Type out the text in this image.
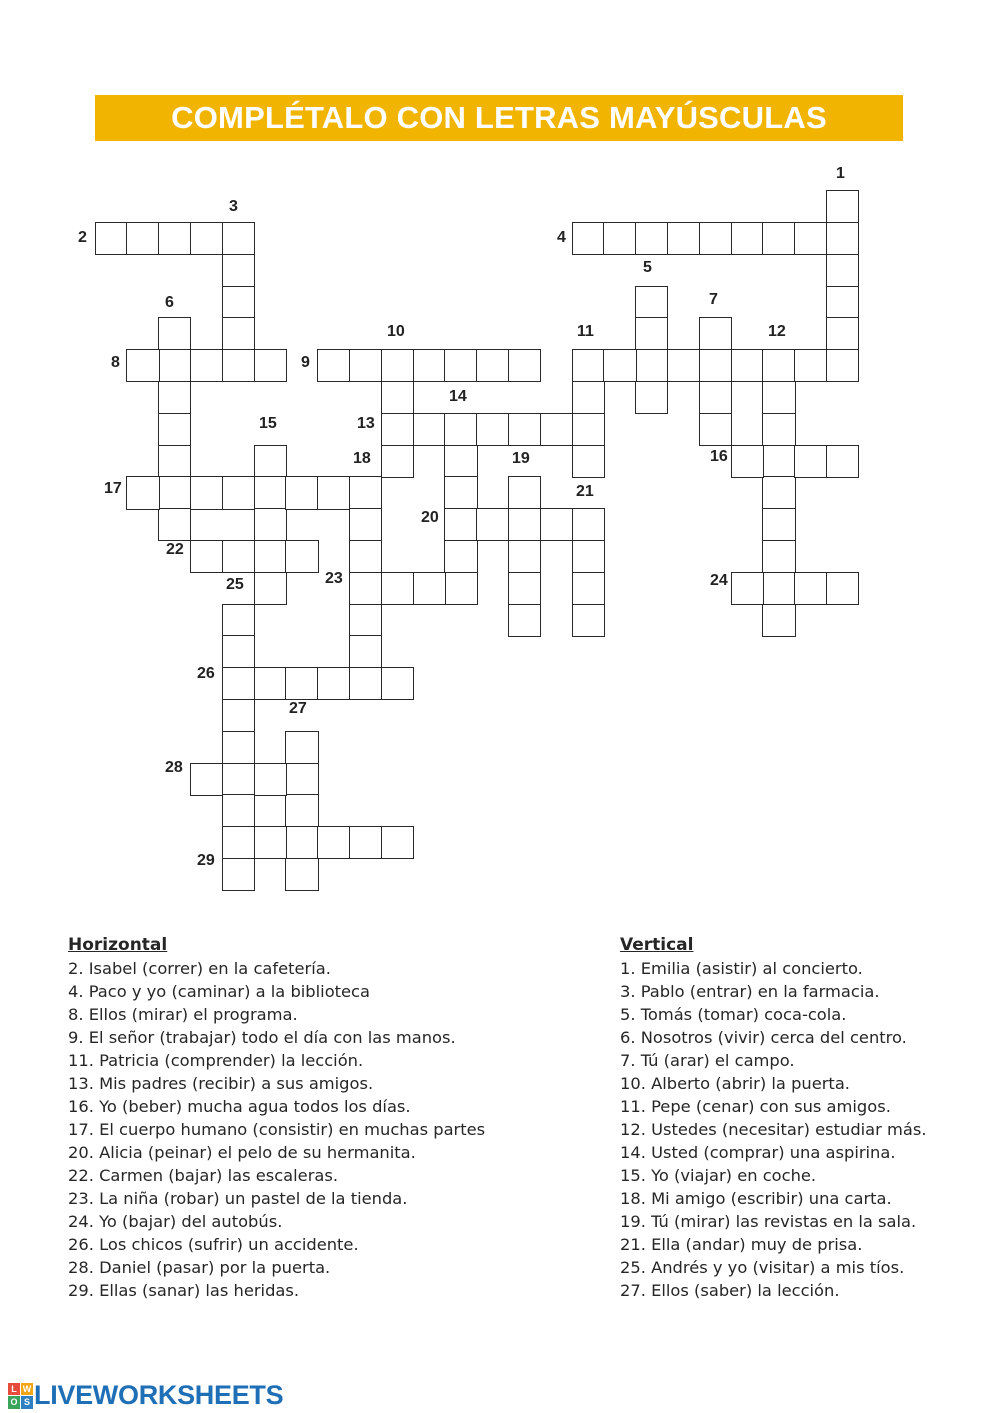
COMPLÉTALO CON LETRAS MAYÚSCULAS
1
2
3
4
5
6	7
8	9
10	11	12
13
14
15
16
17
18	19
20
21
22
23	24
25
26
27
28
29
Horizontal
2. Isabel (correr) en la cafetería.
4. Paco y yo (caminar) a la biblioteca
8. Ellos (mirar) el programa.
9. El señor (trabajar) todo el día con las manos.
11. Patricia (comprender) la lección.
13. Mis padres (recibir) a sus amigos.
16. Yo (beber) mucha agua todos los días.
17. El cuerpo humano (consistir) en muchas partes
20. Alicia (peinar) el pelo de su hermanita.
22. Carmen (bajar) las escaleras.
23. La niña (robar) un pastel de la tienda.
24. Yo (bajar) del autobús.
26. Los chicos (sufrir) un accidente.
28. Daniel (pasar) por la puerta.
29. Ellas (sanar) las heridas.
Vertical
1. Emilia (asistir) al concierto.
3. Pablo (entrar) en la farmacia.
5. Tomás (tomar) coca-cola.
6. Nosotros (vivir) cerca del centro.
7. Tú (arar) el campo.
10. Alberto (abrir) la puerta.
11. Pepe (cenar) con sus amigos.
12. Ustedes (necesitar) estudiar más.
14. Usted (comprar) una aspirina.
15. Yo (viajar) en coche.
18. Mi amigo (escribir) una carta.
19. Tú (mirar) las revistas en la sala.
21. Ella (andar) muy de prisa.
25. Andrés y yo (visitar) a mis tíos.
27. Ellos (saber) la lección.
L W
O S LIVEWORKSHEETS
